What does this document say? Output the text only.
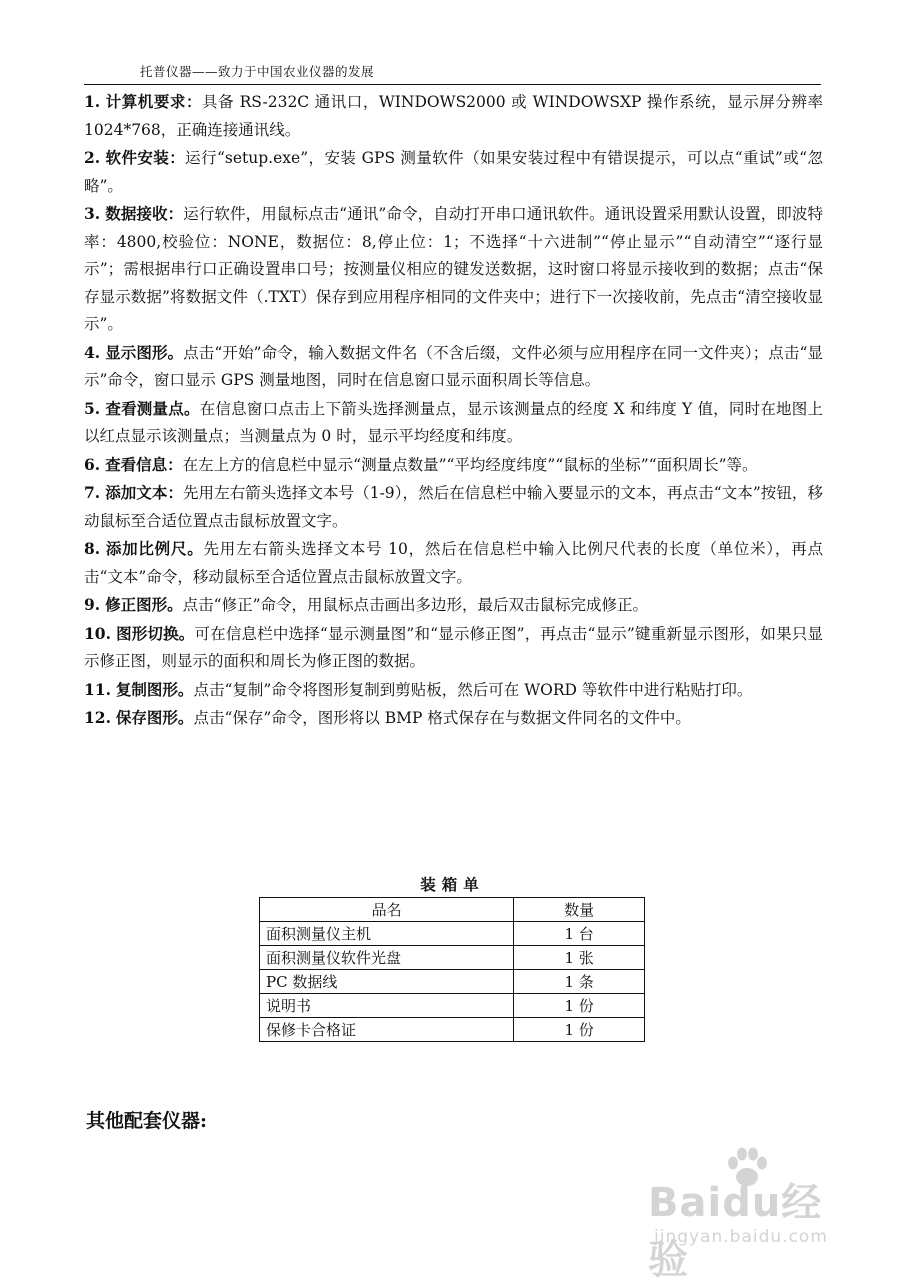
托普仪器——致力于中国农业仪器的发展

1. 计算机要求：具备 RS-232C 通讯口，WINDOWS2000 或 WINDOWSXP 操作系统，显示屏分辨率 1024*768，正确连接通讯线。

2. 软件安装：运行“setup.exe”，安装 GPS 测量软件（如果安装过程中有错误提示，可以点“重试”或“忽略”。

3. 数据接收：运行软件，用鼠标点击“通讯”命令，自动打开串口通讯软件。通讯设置采用默认设置，即波特率：4800,校验位：NONE，数据位：8,停止位：1；不选择“十六进制”“停止显示”“自动清空”“逐行显示”；需根据串行口正确设置串口号；按测量仪相应的键发送数据，这时窗口将显示接收到的数据；点击“保存显示数据”将数据文件（.TXT）保存到应用程序相同的文件夹中；进行下一次接收前，先点击“清空接收显示”。

4. 显示图形。点击“开始”命令，输入数据文件名（不含后缀，文件必须与应用程序在同一文件夹）；点击“显示”命令，窗口显示 GPS 测量地图，同时在信息窗口显示面积周长等信息。

5. 查看测量点。在信息窗口点击上下箭头选择测量点，显示该测量点的经度 X 和纬度 Y 值，同时在地图上以红点显示该测量点；当测量点为 0 时，显示平均经度和纬度。

6. 查看信息：在左上方的信息栏中显示“测量点数量”“平均经度纬度”“鼠标的坐标”“面积周长”等。

7. 添加文本：先用左右箭头选择文本号（1-9），然后在信息栏中输入要显示的文本，再点击“文本”按钮，移动鼠标至合适位置点击鼠标放置文字。

8. 添加比例尺。先用左右箭头选择文本号 10，然后在信息栏中输入比例尺代表的长度（单位米），再点击“文本”命令，移动鼠标至合适位置点击鼠标放置文字。

9. 修正图形。点击“修正”命令，用鼠标点击画出多边形，最后双击鼠标完成修正。

10. 图形切换。可在信息栏中选择“显示测量图”和“显示修正图”，再点击“显示”键重新显示图形，如果只显示修正图，则显示的面积和周长为修正图的数据。

11. 复制图形。点击“复制”命令将图形复制到剪贴板，然后可在 WORD 等软件中进行粘贴打印。

12. 保存图形。点击“保存”命令，图形将以 BMP 格式保存在与数据文件同名的文件中。

装箱单
品名	数量
面积测量仪主机	1 台
面积测量仪软件光盘	1 张
PC 数据线	1 条
说明书	1 份
保修卡合格证	1 份
其他配套仪器:
Baidu经验
jingyan.baidu.com
